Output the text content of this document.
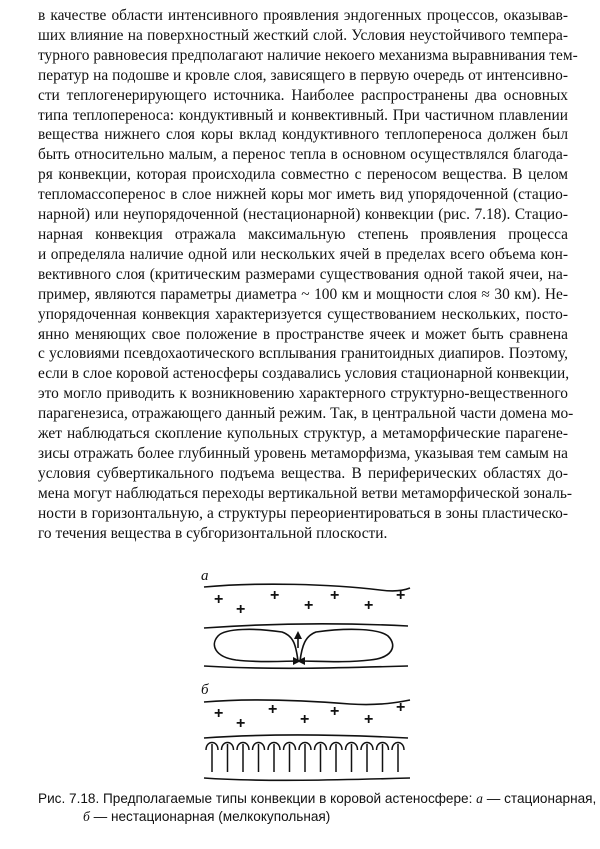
в качестве области интенсивного проявления эндогенных процессов, оказывав-
ших влияние на поверхностный жесткий слой. Условия неустойчивого темпера-
турного равновесия предполагают наличие некоего механизма выравнивания тем-
ператур на подошве и кровле слоя, зависящего в первую очередь от интенсивно-
сти теплогенерирующего источника. Наиболее распространены два основных
типа теплопереноса: кондуктивный и конвективный. При частичном плавлении
вещества нижнего слоя коры вклад кондуктивного теплопереноса должен был
быть относительно малым, а перенос тепла в основном осуществлялся благода-
ря конвекции, которая происходила совместно с переносом вещества. В целом
тепломассоперенос в слое нижней коры мог иметь вид упорядоченной (стацио-
нарной) или неупорядоченной (нестационарной) конвекции (рис. 7.18). Стацио-
нарная конвекция отражала максимальную степень проявления процесса
и определяла наличие одной или нескольких ячей в пределах всего объема кон-
вективного слоя (критическим размерами существования одной такой ячеи, на-
пример, являются параметры диаметра ~ 100 км и мощности слоя ≈ 30 км). Не-
упорядоченная конвекция характеризуется существованием нескольких, посто-
янно меняющих свое положение в пространстве ячеек и может быть сравнена
с условиями псевдохаотического всплывания гранитоидных диапиров. Поэтому,
если в слое коровой астеносферы создавались условия стационарной конвекции,
это могло приводить к возникновению характерного структурно-вещественного
парагенезиса, отражающего данный режим. Так, в центральной части домена мо-
жет наблюдаться скопление купольных структур, а метаморфические парагене-
зисы отражать более глубинный уровень метаморфизма, указывая тем самым на
условия субвертикального подъема вещества. В периферических областях до-
мена могут наблюдаться переходы вертикальной ветви метаморфической зональ-
ности в горизонтальную, а структуры переориентироваться в зоны пластическо-
го течения вещества в субгоризонтальной плоскости.
а
б
+
+
+
+
+
+
+
+
+
+
+ + +
+
Рис. 7.18. Предполагаемые типы конвекции в коровой астеносфере: а — стационарная,
б — нестационарная (мелкокупольная)
